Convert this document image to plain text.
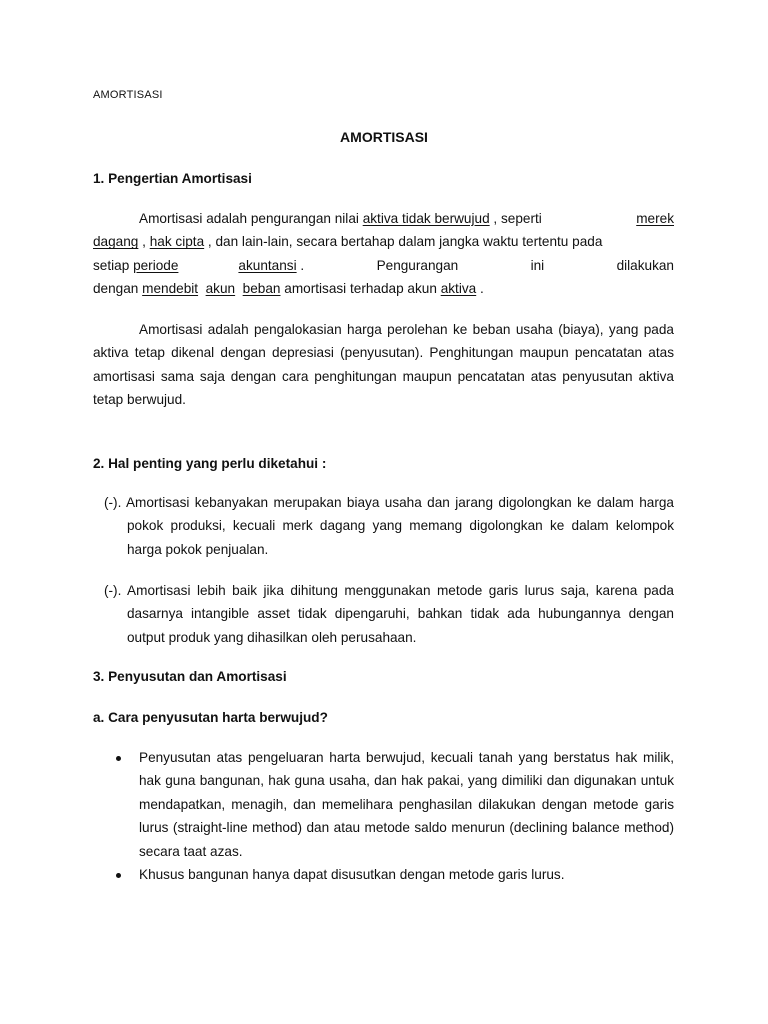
AMORTISASI
AMORTISASI
1. Pengertian Amortisasi
Amortisasi adalah pengurangan nilai aktiva tidak berwujud , seperti	merek
dagang , hak cipta , dan lain-lain, secara bertahap dalam jangka waktu tertentu pada
setiap periode	akuntansi .	Pengurangan	ini	dilakukan
dengan mendebit akun beban amortisasi terhadap akun aktiva .
Amortisasi adalah pengalokasian harga perolehan ke beban usaha (biaya), yang pada aktiva tetap dikenal dengan depresiasi (penyusutan). Penghitungan maupun pencatatan atas amortisasi sama saja dengan cara penghitungan maupun pencatatan atas penyusutan aktiva tetap berwujud.
2. Hal penting yang perlu diketahui :
(-). Amortisasi kebanyakan merupakan biaya usaha dan jarang digolongkan ke dalam harga pokok produksi, kecuali merk dagang yang memang digolongkan ke dalam kelompok harga pokok penjualan.
(-). Amortisasi lebih baik jika dihitung menggunakan metode garis lurus saja, karena pada dasarnya intangible asset tidak dipengaruhi, bahkan tidak ada hubungannya dengan output produk yang dihasilkan oleh perusahaan.
3. Penyusutan dan Amortisasi
a. Cara penyusutan harta berwujud?
Penyusutan atas pengeluaran harta berwujud, kecuali tanah yang berstatus hak milik, hak guna bangunan, hak guna usaha, dan hak pakai, yang dimiliki dan digunakan untuk mendapatkan, menagih, dan memelihara penghasilan dilakukan dengan metode garis lurus (straight-line method) dan atau metode saldo menurun (declining balance method) secara taat azas.
Khusus bangunan hanya dapat disusutkan dengan metode garis lurus.
